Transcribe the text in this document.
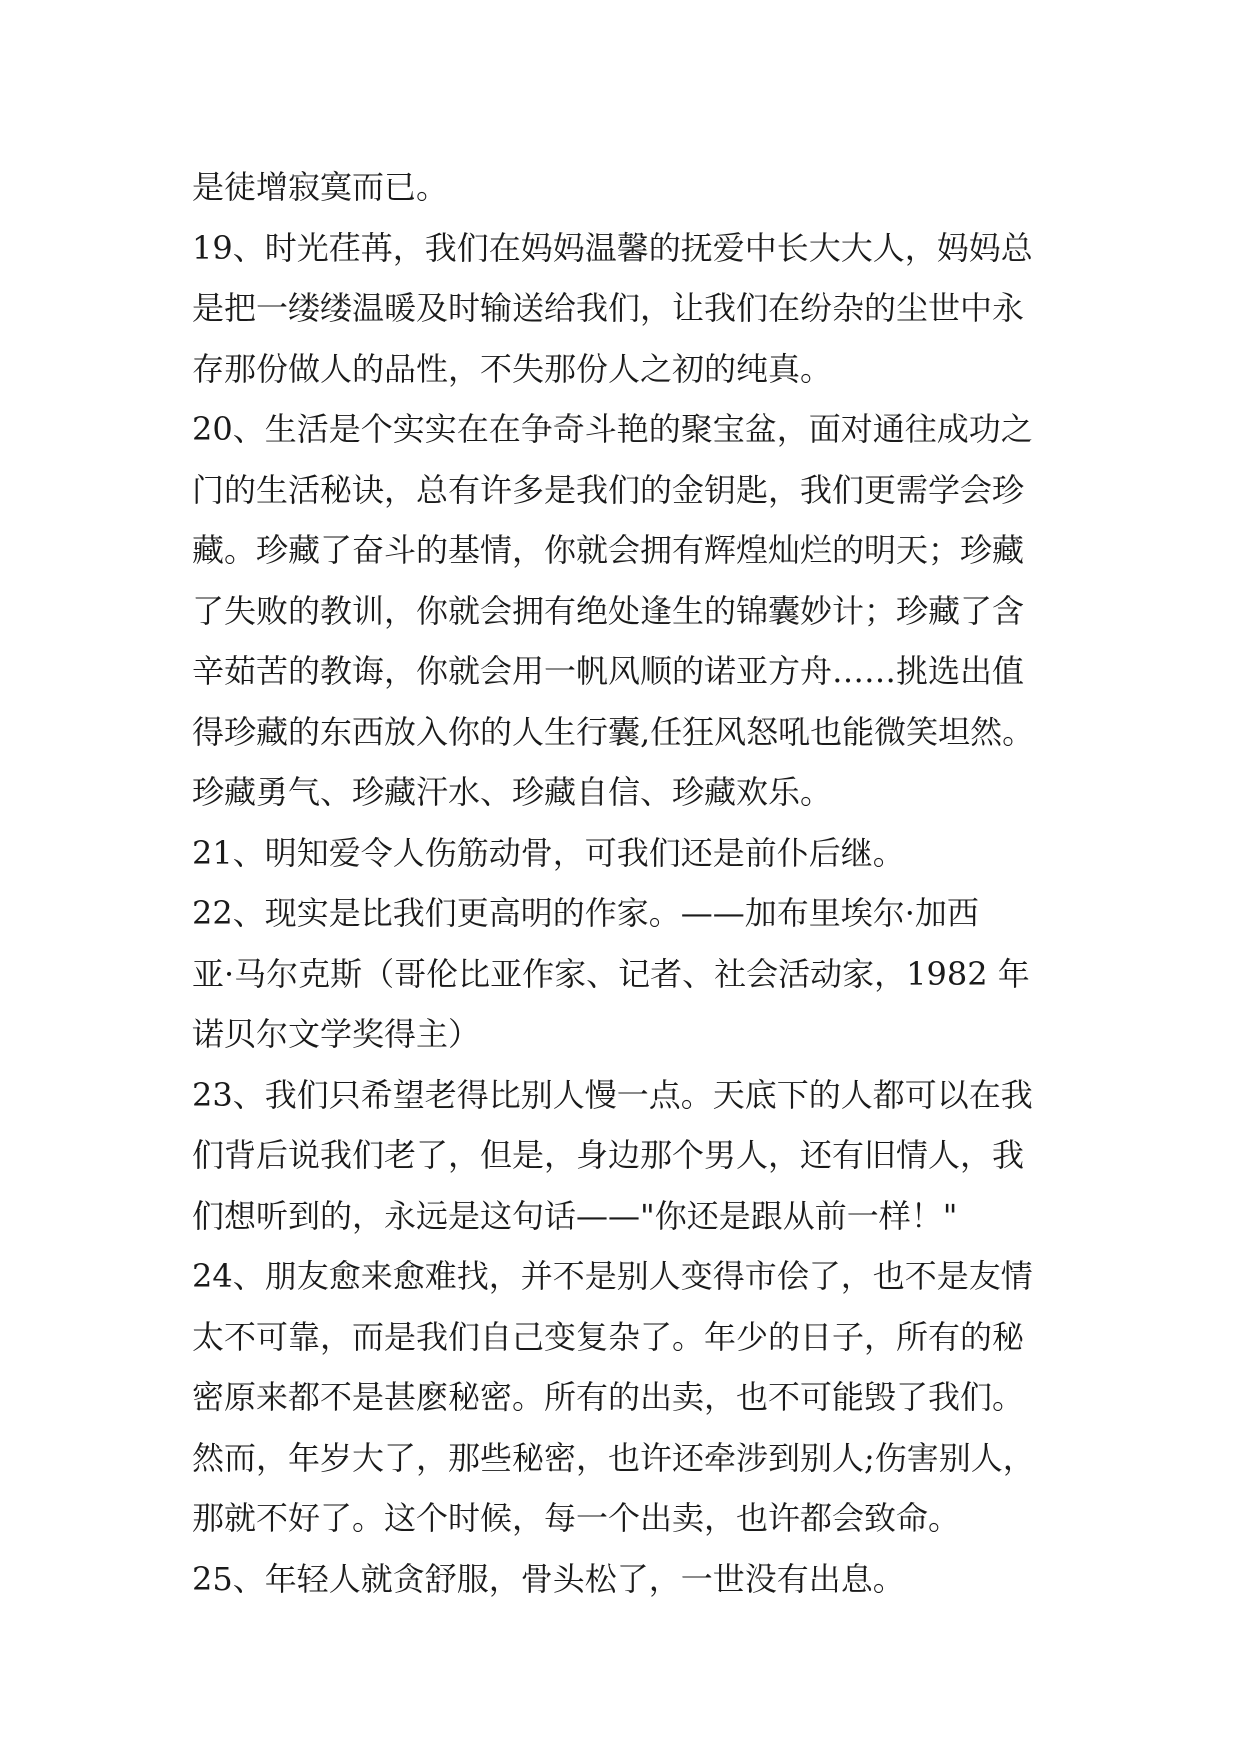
是徒增寂寞而已。
19、时光荏苒，我们在妈妈温馨的抚爱中长大大人，妈妈总
是把一缕缕温暖及时输送给我们，让我们在纷杂的尘世中永
存那份做人的品性，不失那份人之初的纯真。
20、生活是个实实在在争奇斗艳的聚宝盆，面对通往成功之
门的生活秘诀，总有许多是我们的金钥匙，我们更需学会珍
藏。珍藏了奋斗的基情，你就会拥有辉煌灿烂的明天；珍藏
了失败的教训，你就会拥有绝处逢生的锦囊妙计；珍藏了含
辛茹苦的教诲，你就会用一帆风顺的诺亚方舟……挑选出值
得珍藏的东西放入你的人生行囊,任狂风怒吼也能微笑坦然。
珍藏勇气、珍藏汗水、珍藏自信、珍藏欢乐。
21、明知爱令人伤筋动骨，可我们还是前仆后继。
22、现实是比我们更高明的作家。——加布里埃尔·加西
亚·马尔克斯（哥伦比亚作家、记者、社会活动家，1982 年
诺贝尔文学奖得主）
23、我们只希望老得比别人慢一点。天底下的人都可以在我
们背后说我们老了，但是，身边那个男人，还有旧情人，我
们想听到的，永远是这句话——"你还是跟从前一样！"
24、朋友愈来愈难找，并不是别人变得市侩了，也不是友情
太不可靠，而是我们自己变复杂了。年少的日子，所有的秘
密原来都不是甚麽秘密。所有的出卖，也不可能毁了我们。
然而，年岁大了，那些秘密，也许还牵涉到别人;伤害别人，
那就不好了。这个时候，每一个出卖，也许都会致命。
25、年轻人就贪舒服，骨头松了，一世没有出息。
